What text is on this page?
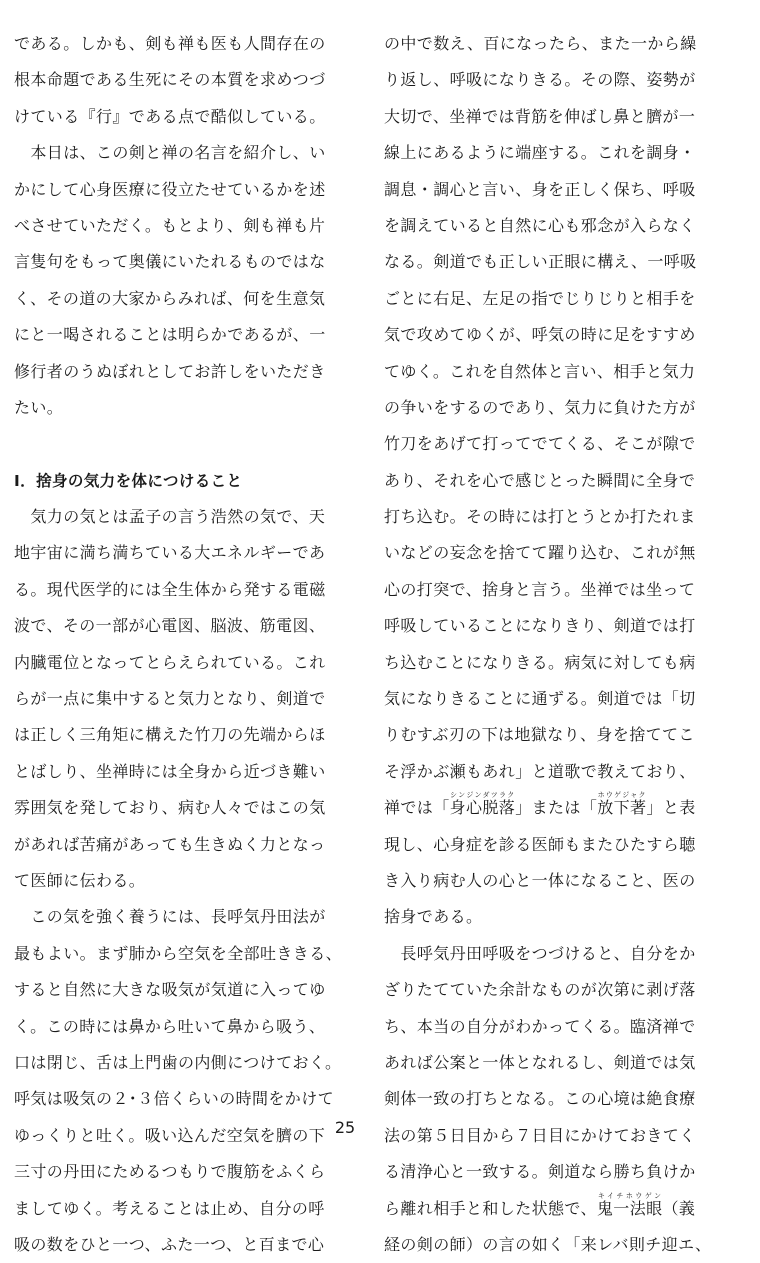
である。しかも、剣も禅も医も人間存在の
根本命題である生死にその本質を求めつづ
けている『行』である点で酷似している。
　本日は、この剣と禅の名言を紹介し、い
かにして心身医療に役立たせているかを述
べさせていただく。もとより、剣も禅も片
言隻句をもって奥儀にいたれるものではな
く、その道の大家からみれば、何を生意気
にと一喝されることは明らかであるが、一
修行者のうぬぼれとしてお許しをいただき
たい。
Ⅰ．捨身の気力を体につけること
　気力の気とは孟子の言う浩然の気で、天
地宇宙に満ち満ちている大エネルギーであ
る。現代医学的には全生体から発する電磁
波で、その一部が心電図、脳波、筋電図、
内臓電位となってとらえられている。これ
らが一点に集中すると気力となり、剣道で
は正しく三角矩に構えた竹刀の先端からほ
とばしり、坐禅時には全身から近づき難い
雰囲気を発しており、病む人々ではこの気
があれば苦痛があっても生きぬく力となっ
て医師に伝わる。
　この気を強く養うには、長呼気丹田法が
最もよい。まず肺から空気を全部吐ききる、
すると自然に大きな吸気が気道に入ってゆ
く。この時には鼻から吐いて鼻から吸う、
口は閉じ、舌は上門歯の内側につけておく。
呼気は吸気の２･３倍くらいの時間をかけて
ゆっくりと吐く。吸い込んだ空気を臍の下
三寸の丹田にためるつもりで腹筋をふくら
ましてゆく。考えることは止め、自分の呼
吸の数をひと一つ、ふた一つ、と百まで心
の中で数え、百になったら、また一から繰
り返し、呼吸になりきる。その際、姿勢が
大切で、坐禅では背筋を伸ばし鼻と臍が一
線上にあるように端座する。これを調身・
調息・調心と言い、身を正しく保ち、呼吸
を調えていると自然に心も邪念が入らなく
なる。剣道でも正しい正眼に構え、一呼吸
ごとに右足、左足の指でじりじりと相手を
気で攻めてゆくが、呼気の時に足をすすめ
てゆく。これを自然体と言い、相手と気力
の争いをするのであり、気力に負けた方が
竹刀をあげて打ってでてくる、そこが隙で
あり、それを心で感じとった瞬間に全身で
打ち込む。その時には打とうとか打たれま
いなどの妄念を捨てて躍り込む、これが無
心の打突で、捨身と言う。坐禅では坐って
呼吸していることになりきり、剣道では打
ち込むことになりきる。病気に対しても病
気になりきることに通ずる。剣道では「切
りむすぶ刃の下は地獄なり、身を捨ててこ
そ浮かぶ瀬もあれ」と道歌で教えており、
禅では「身心脱落シンジンダツラク」または「放下著ホウゲジャク」と表
現し、心身症を診る医師もまたひたすら聴
き入り病む人の心と一体になること、医の
捨身である。
　長呼気丹田呼吸をつづけると、自分をか
ざりたてていた余計なものが次第に剥げ落
ち、本当の自分がわかってくる。臨済禅で
あれば公案と一体となれるし、剣道では気
剣体一致の打ちとなる。この心境は絶食療
法の第５日目から７日目にかけておきてく
る清浄心と一致する。剣道なら勝ち負けか
ら離れ相手と和した状態で、鬼一法眼キイチホウゲン（義
経の剣の師）の言の如く「来レバ則チ迎エ、
25
